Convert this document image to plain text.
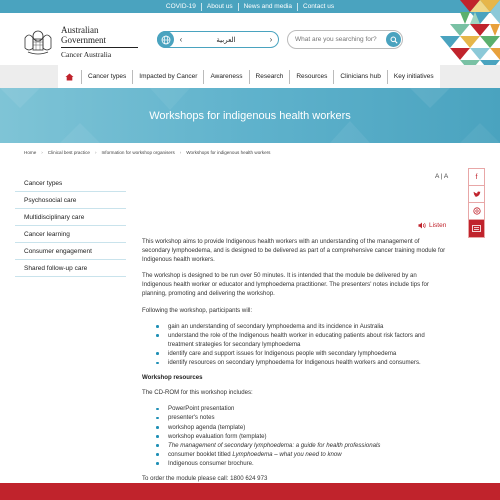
COVID-19	About us	News and media	Contact us
Australian Government
Cancer Australia
‹	العربية	›
What are you searching for?
Cancer types	Impacted by Cancer	Awareness	Research	Resources	Clinicians hub	Key initiatives
Workshops for indigenous health workers
Home › Clinical best practice › Information for workshop organisers › Workshops for indigenous health workers
Cancer types
Psychosocial care
Multidisciplinary care
Cancer learning
Consumer engagement
Shared follow-up care
f
A | A
Listen

This workshop aims to provide Indigenous health workers with an understanding of the management of secondary lymphoedema, and is designed to be delivered as part of a comprehensive cancer training module for Indigenous health workers.

The workshop is designed to be run over 50 minutes. It is intended that the module be delivered by an Indigenous health worker or educator and lymphoedema practitioner. The presenters' notes include tips for planning, promoting and delivering the workshop.

Following the workshop, participants will:

gain an understanding of secondary lymphoedema and its incidence in Australia
understand the role of the Indigenous health worker in educating patients about risk factors and treatment strategies for secondary lymphoedema
identify care and support issues for Indigenous people with secondary lymphoedema
identify resources on secondary lymphoedema for Indigenous health workers and consumers.
Workshop resources

The CD-ROM for this workshop includes:

PowerPoint presentation
presenter's notes
workshop agenda (template)
workshop evaluation form (template)
The management of secondary lymphoedema: a guide for health professionals
consumer booklet titled Lymphoedema – what you need to know
Indigenous consumer brochure.

To order the module please call: 1800 624 973
